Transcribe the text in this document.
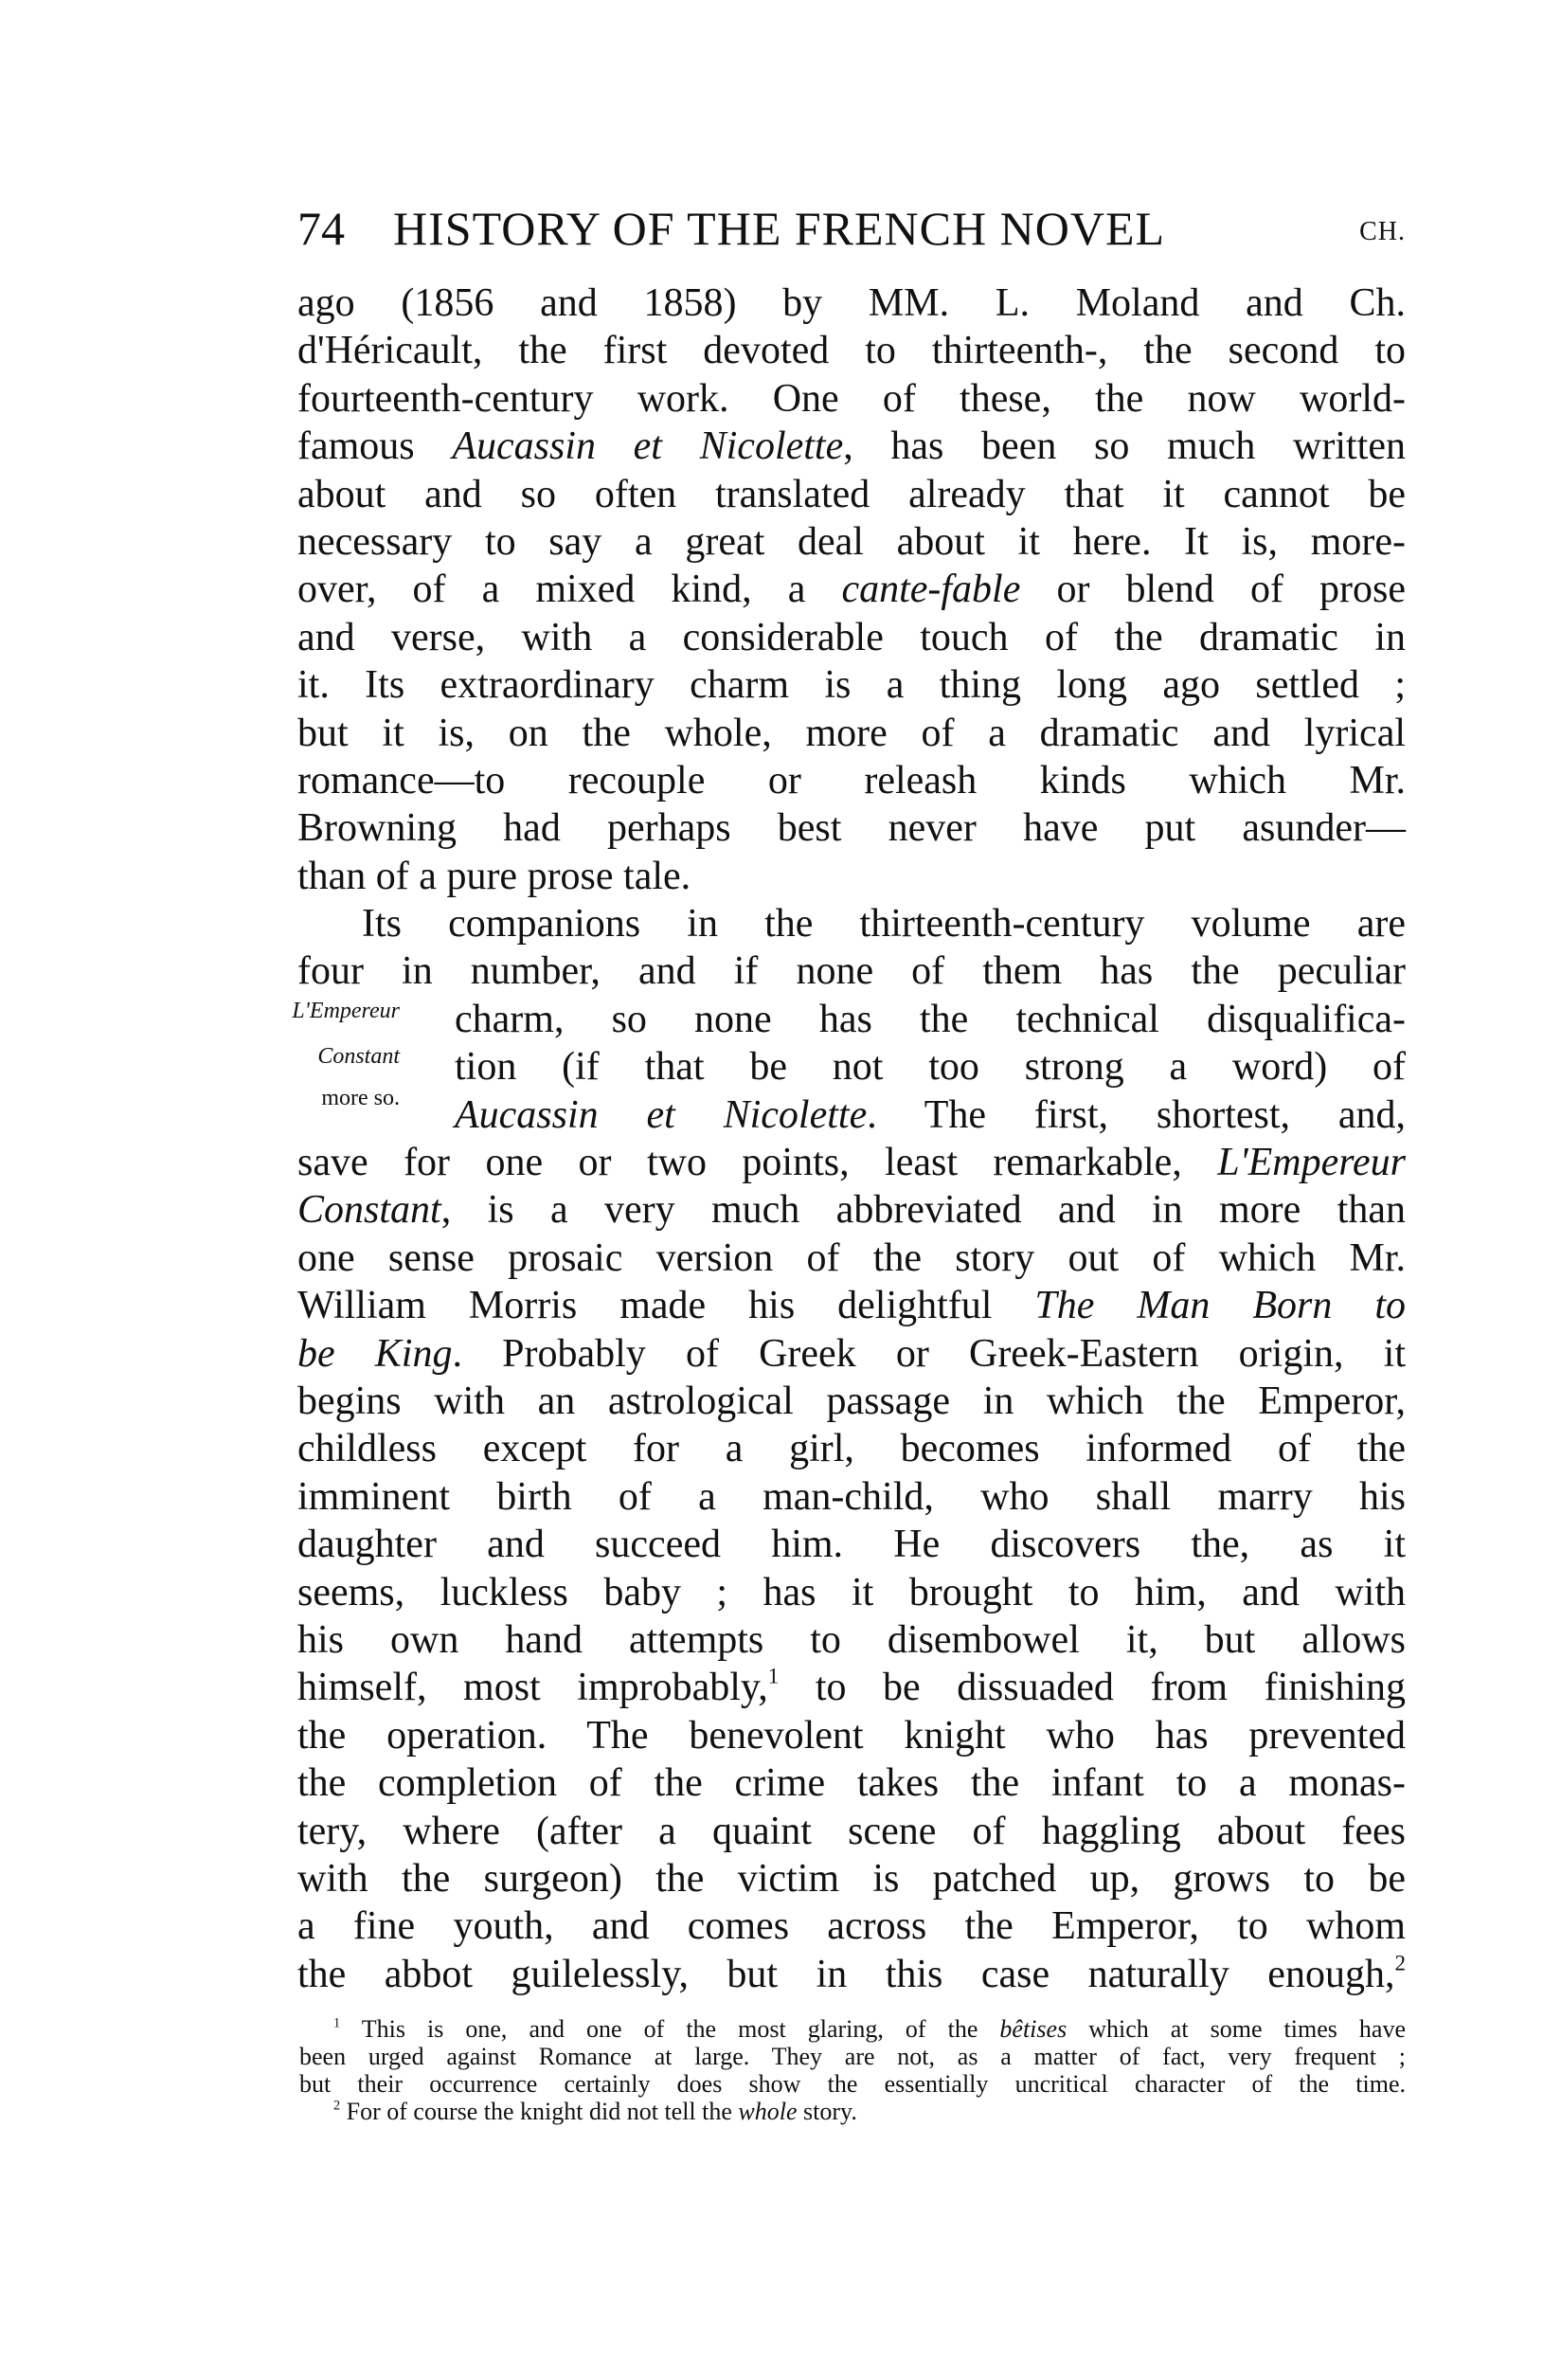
74 HISTORY OF THE FRENCH NOVEL	CH.
L'Empereur
Constant
more so.
ago (1856 and 1858) by MM. L. Moland and Ch.
d'Héricault, the first devoted to thirteenth-, the second to
fourteenth-century work. One of these, the now world-
famous Aucassin et Nicolette, has been so much written
about and so often translated already that it cannot be
necessary to say a great deal about it here. It is, more-
over, of a mixed kind, a cante-fable or blend of prose
and verse, with a considerable touch of the dramatic in
it. Its extraordinary charm is a thing long ago settled ;
but it is, on the whole, more of a dramatic and lyrical
romance—to recouple or releash kinds which Mr.
Browning had perhaps best never have put asunder—
than of a pure prose tale.
Its companions in the thirteenth-century volume are
four in number, and if none of them has the peculiar
charm, so none has the technical disqualifica-
tion (if that be not too strong a word) of
Aucassin et Nicolette. The first, shortest, and,
save for one or two points, least remarkable, L'Empereur
Constant, is a very much abbreviated and in more than
one sense prosaic version of the story out of which Mr.
William Morris made his delightful The Man Born to
be King. Probably of Greek or Greek-Eastern origin, it
begins with an astrological passage in which the Emperor,
childless except for a girl, becomes informed of the
imminent birth of a man-child, who shall marry his
daughter and succeed him. He discovers the, as it
seems, luckless baby ; has it brought to him, and with
his own hand attempts to disembowel it, but allows
himself, most improbably,$^1$ to be dissuaded from finishing
the operation. The benevolent knight who has prevented
the completion of the crime takes the infant to a monas-
tery, where (after a quaint scene of haggling about fees
with the surgeon) the victim is patched up, grows to be
a fine youth, and comes across the Emperor, to whom
the abbot guilelessly, but in this case naturally enough,$^2$
$^1$ This is one, and one of the most glaring, of the bêtises which at some times have
been urged against Romance at large. They are not, as a matter of fact, very frequent ;
but their occurrence certainly does show the essentially uncritical character of the time.
$^2$ For of course the knight did not tell the whole story.
